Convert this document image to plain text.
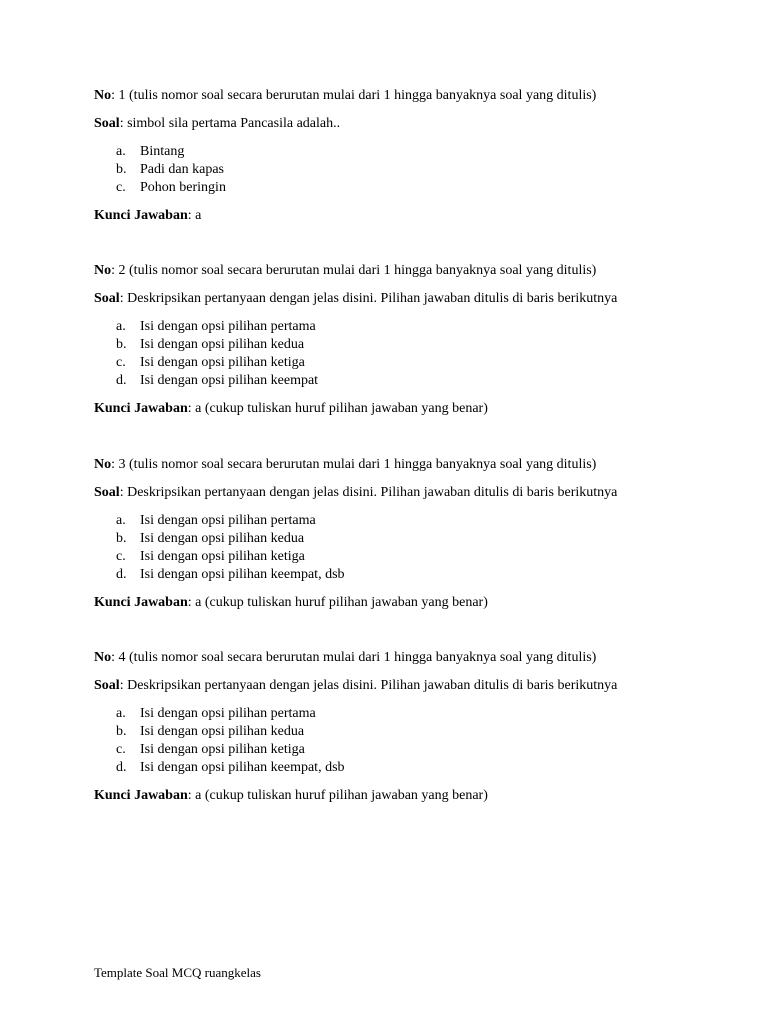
No: 1 (tulis nomor soal secara berurutan mulai dari 1 hingga banyaknya soal yang ditulis)
Soal: simbol sila pertama Pancasila adalah..
a. Bintang
b. Padi dan kapas
c. Pohon beringin
Kunci Jawaban: a
No: 2 (tulis nomor soal secara berurutan mulai dari 1 hingga banyaknya soal yang ditulis)
Soal: Deskripsikan pertanyaan dengan jelas disini. Pilihan jawaban ditulis di baris berikutnya
a. Isi dengan opsi pilihan pertama
b. Isi dengan opsi pilihan kedua
c. Isi dengan opsi pilihan ketiga
d. Isi dengan opsi pilihan keempat
Kunci Jawaban: a (cukup tuliskan huruf pilihan jawaban yang benar)
No: 3 (tulis nomor soal secara berurutan mulai dari 1 hingga banyaknya soal yang ditulis)
Soal: Deskripsikan pertanyaan dengan jelas disini. Pilihan jawaban ditulis di baris berikutnya
a. Isi dengan opsi pilihan pertama
b. Isi dengan opsi pilihan kedua
c. Isi dengan opsi pilihan ketiga
d. Isi dengan opsi pilihan keempat, dsb
Kunci Jawaban: a (cukup tuliskan huruf pilihan jawaban yang benar)
No: 4 (tulis nomor soal secara berurutan mulai dari 1 hingga banyaknya soal yang ditulis)
Soal: Deskripsikan pertanyaan dengan jelas disini. Pilihan jawaban ditulis di baris berikutnya
a. Isi dengan opsi pilihan pertama
b. Isi dengan opsi pilihan kedua
c. Isi dengan opsi pilihan ketiga
d. Isi dengan opsi pilihan keempat, dsb
Kunci Jawaban: a (cukup tuliskan huruf pilihan jawaban yang benar)
Template Soal MCQ ruangkelas
